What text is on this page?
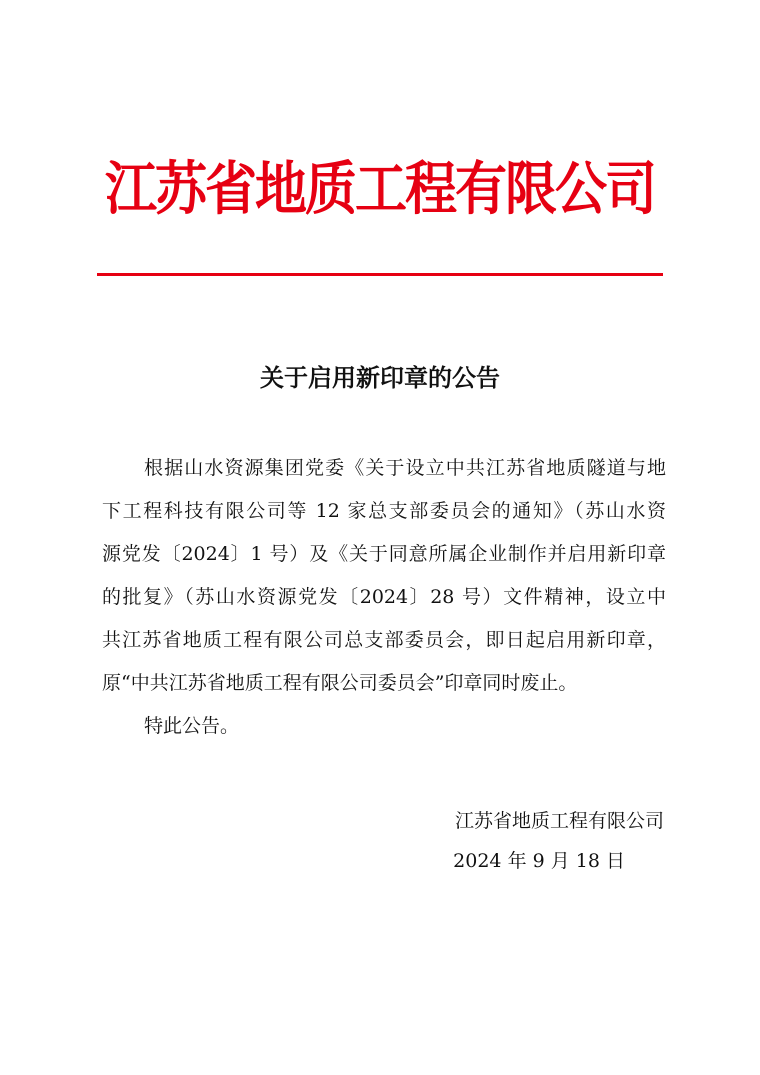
江苏省地质工程有限公司
关于启用新印章的公告
根据山水资源集团党委《关于设立中共江苏省地质隧道与地
下工程科技有限公司等 12 家总支部委员会的通知》（苏山水资
源党发〔2024〕1 号）及《关于同意所属企业制作并启用新印章
的批复》（苏山水资源党发〔2024〕28 号）文件精神，设立中
共江苏省地质工程有限公司总支部委员会，即日起启用新印章，
原“中共江苏省地质工程有限公司委员会”印章同时废止。
特此公告。
江苏省地质工程有限公司
2024 年 9 月 18 日
